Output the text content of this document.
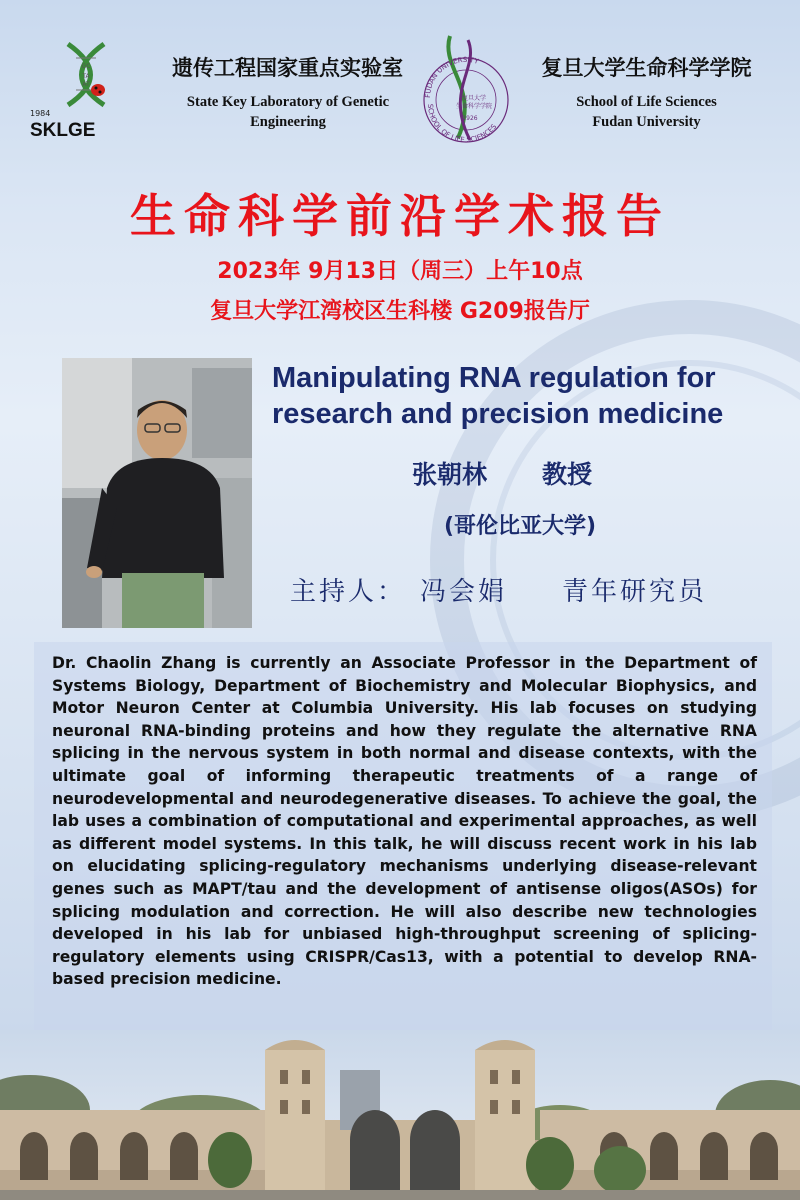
GC
TA
AT
1984
SKLGE
遗传工程国家重点实验室
State Key Laboratory of Genetic
Engineering
FUDAN UNIVERSITY
SCHOOL OF LIFE SCIENCES
复旦大学
生命科学学院
1926
复旦大学生命科学学院
School of Life Sciences
Fudan University
生命科学前沿学术报告
2023年 9月13日（周三）上午10点
复旦大学江湾校区生科楼 G209报告厅
Manipulating RNA regulation for
research and precision medicine
张朝林 教授
(哥伦比亚大学)
主持人： 冯会娟 青年研究员
Dr. Chaolin Zhang is currently an Associate Professor in the Department of Systems Biology, Department of Biochemistry and Molecular Biophysics, and Motor Neuron Center at Columbia University. His lab focuses on studying neuronal RNA-binding proteins and how they regulate the alternative RNA splicing in the nervous system in both normal and disease contexts, with the ultimate goal of informing therapeutic treatments of a range of neurodevelopmental and neurodegenerative diseases. To achieve the goal, the lab uses a combination of computational and experimental approaches, as well as different model systems. In this talk, he will discuss recent work in his lab on elucidating splicing-regulatory mechanisms underlying disease-relevant genes such as MAPT/tau and the development of antisense oligos(ASOs) for splicing modulation and correction. He will also describe new technologies developed in his lab for unbiased high-throughput screening of splicing-regulatory elements using CRISPR/Cas13, with a potential to develop RNA-based precision medicine.
